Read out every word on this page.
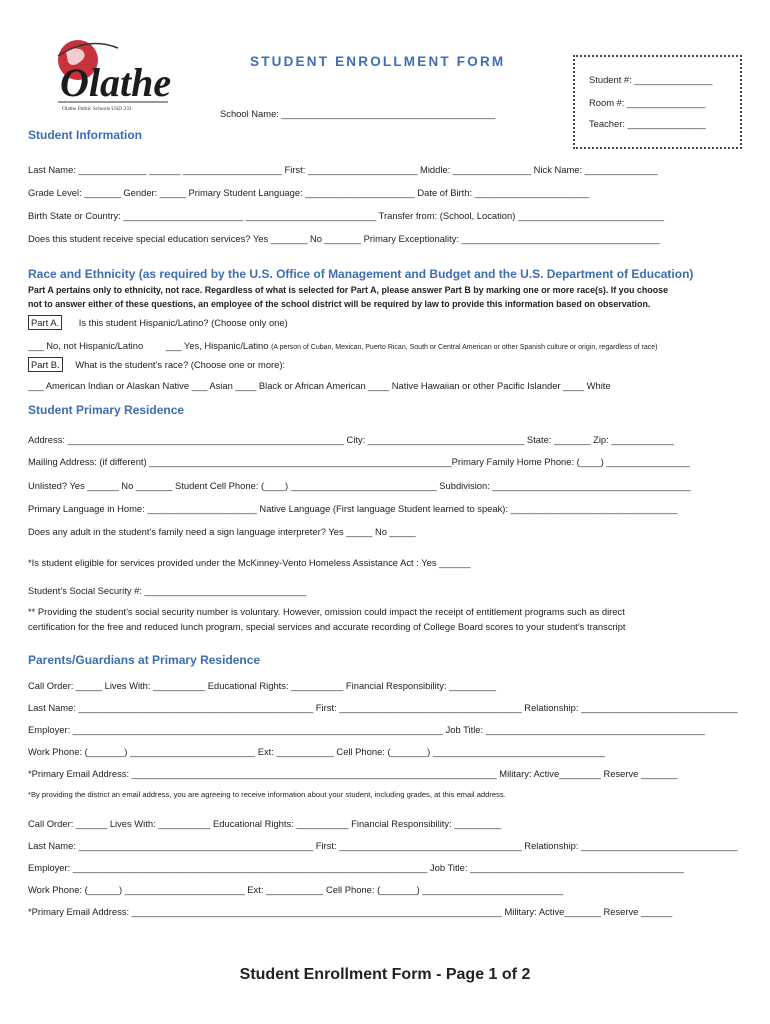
Olathe
Olathe Public Schools USD 233
STUDENT ENROLLMENT FORM
School Name: _________________________________________
Student #: _______________
Room #: _______________
Teacher: _______________
Student Information
Last Name: _____________ ______ ___________________ First: _____________________ Middle: _______________ Nick Name: ______________
Grade Level: _______ Gender: _____ Primary Student Language: _____________________ Date of Birth: ______________________
Birth State or Country: _______________________ _________________________ Transfer from: (School, Location) ____________________________
Does this student receive special education services? Yes _______ No _______ Primary Exceptionality: ______________________________________
Race and Ethnicity (as required by the U.S. Office of Management and Budget and the U.S. Department of Education)
Part A pertains only to ethnicity, not race. Regardless of what is selected for Part A, please answer Part B by marking one or more race(s). If you choose
not to answer either of these questions, an employee of the school district will be required by law to provide this information based on observation.
Part A. Is this student Hispanic/Latino? (Choose only one)
___ No, not Hispanic/Latino ___ Yes, Hispanic/Latino (A person of Cuban, Mexican, Puerto Rican, South or Central American or other Spanish culture or origin, regardless of race)
Part B. What is the student’s race? (Choose one or more):
___ American Indian or Alaskan Native ___ Asian ____ Black or African American ____ Native Hawaiian or other Pacific Islander ____ White
Student Primary Residence
Address: _____________________________________________________ City: ______________________________ State: _______ Zip: ____________
Mailing Address: (if different) __________________________________________________________Primary Family Home Phone: (____) ________________
Unlisted? Yes ______ No _______ Student Cell Phone: (____) ____________________________ Subdivision: ______________________________________
Primary Language in Home: _____________________ Native Language (First language Student learned to speak): ________________________________
Does any adult in the student’s family need a sign language interpreter? Yes _____ No _____
*Is student eligible for services provided under the McKinney-Vento Homeless Assistance Act : Yes ______
Student’s Social Security #: _______________________________
** Providing the student’s social security number is voluntary. However, omission could impact the receipt of entitlement programs such as direct
certification for the free and reduced lunch program, special services and accurate recording of College Board scores to your student’s transcript
Parents/Guardians at Primary Residence
Call Order: _____ Lives With: __________ Educational Rights: __________ Financial Responsibility: _________
Last Name: _____________________________________________ First: ___________________________________ Relationship: ______________________________
Employer: _______________________________________________________________________ Job Title: __________________________________________
Work Phone: (_______) ________________________ Ext: ___________ Cell Phone: (_______) _________________________________
*Primary Email Address: ______________________________________________________________________ Military: Active________ Reserve _______
*By providing the district an email address, you are agreeing to receive information about your student, including grades, at this email address.
Call Order: ______ Lives With: __________ Educational Rights: __________ Financial Responsibility: _________
Last Name: _____________________________________________ First: ___________________________________ Relationship: ______________________________
Employer: ____________________________________________________________________ Job Title: _________________________________________
Work Phone: (______) _______________________ Ext: ___________ Cell Phone: (_______) ___________________________
*Primary Email Address: _______________________________________________________________________ Military: Active_______ Reserve ______
Student Enrollment Form - Page 1 of 2
